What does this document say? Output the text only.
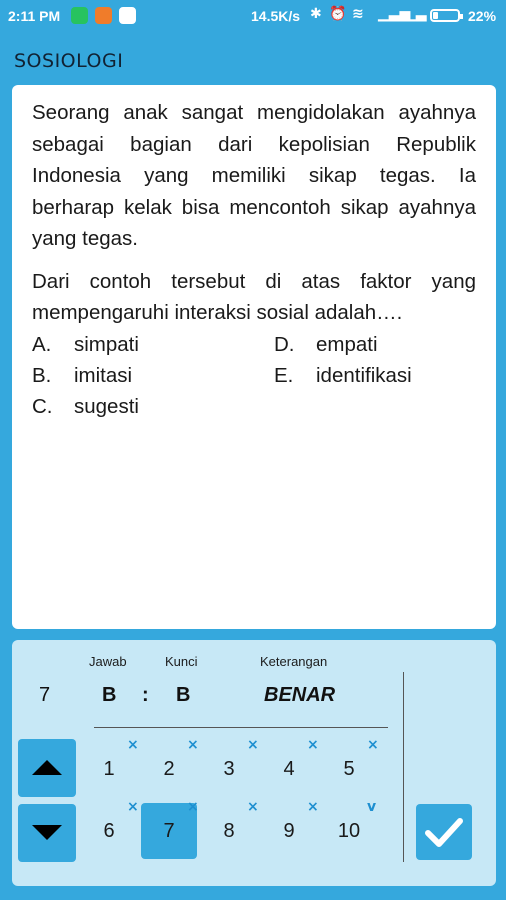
2:11 PM	14.5K/s ✱ ⏰ ≋ ▁▃▅
▁▃	22%
SOSIOLOGI

Seorang anak sangat mengidolakan ayahnya sebagai bagian dari kepolisian Republik Indonesia yang memiliki sikap tegas. Ia berharap kelak bisa mencontoh sikap ayahnya yang tegas.

Dari contoh tersebut di atas faktor yang mempengaruhi interaksi sosial adalah….

A. simpati
B. imitasi
C. sugesti
D. empati
E. identifikasi
Jawab	Kunci	Keterangan
7	B : B	BENAR
1
×
2
×
3
×
4
×
5
×
6
×
7
×
8
×
9
×
10
v
